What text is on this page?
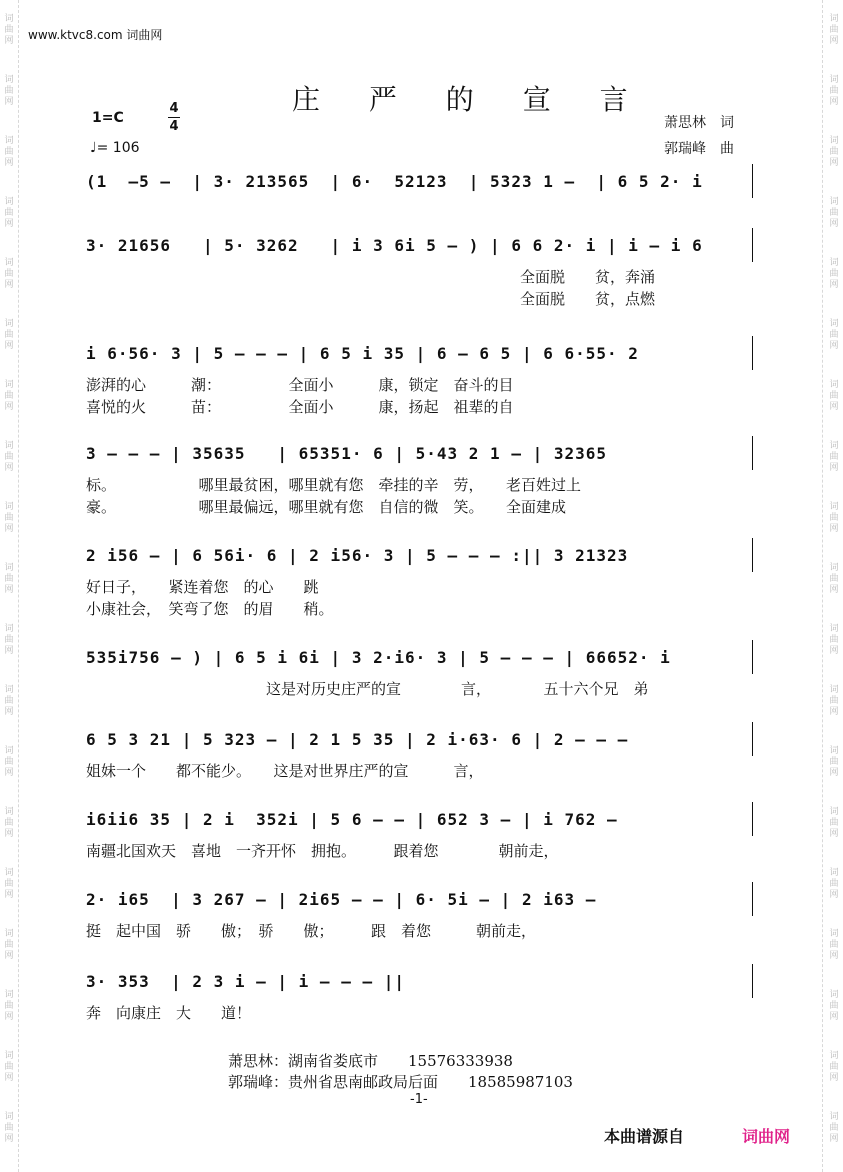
词
曲
网
词
曲
网
词
曲
网
词
曲
网
词
曲
网
词
曲
网
词
曲
网
词
曲
网
词
曲
网
词
曲
网
词
曲
网
词
曲
网
词
曲
网
词
曲
网
词
曲
网
词
曲
网
词
曲
网
词
曲
网
词
曲
网
词
曲
网
词
曲
网
词
曲
网
词
曲
网
词
曲
网
词
曲
网
词
曲
网
词
曲
网
词
曲
网
词
曲
网
词
曲
网
词
曲
网
词
曲
网
词
曲
网
词
曲
网
词
曲
网
词
曲
网
词
曲
网
词
曲
网
www.ktvc8.com 词曲网
庄 严 的 宣 言
1=C
4
4
♩= 106
萧思林　词
郭瑞峰　曲
(1  —5 —  | 3· 213565  | 6·  52123  | 5323 1 —  | 6 5 2· i
3· 21656   | 5· 3262   | i 3 6i 5 — ) | 6 6 2· i | i — i 6
全面脱　　贫，奔涌
全面脱　　贫，点燃
i 6·56· 3 | 5 — — — | 6 5 i 35 | 6 — 6 5 | 6 6·55· 2
澎湃的心　　　潮：　　　　　全面小　　　康，锁定　奋斗的目
喜悦的火　　　苗：　　　　　全面小　　　康，扬起　祖辈的自
3 — — — | 35635   | 65351· 6 | 5·43 2 1 — | 32365
标。　　　　　　哪里最贫困，哪里就有您　牵挂的辛　劳，　　老百姓过上
豪。　　　　　　哪里最偏远，哪里就有您　自信的微　笑。　　全面建成
2 i56 — | 6 56i· 6 | 2 i56· 3 | 5 — — — :|| 3 21323
好日子，　　紧连着您　的心　　跳
小康社会，　笑弯了您　的眉　　稍。
535i756 — ) | 6 5 i 6i | 3 2·i6· 3 | 5 — — — | 66652· i
　　　　　　　　　　　　这是对历史庄严的宣　　　　言，　　　　五十六个兄　弟
6 5 3 21 | 5 323 — | 2 1 5 35 | 2 i·63· 6 | 2 — — —
姐妹一个　　都不能少。　　这是对世界庄严的宣　　　言，
i6ii6 35 | 2 i  352i | 5 6 — — | 652 3 — | i 762 —
南疆北国欢天　喜地　一齐开怀　拥抱。　　　跟着您　　　　朝前走，
2· i65  | 3 267 — | 2i65 — — | 6· 5i — | 2 i63 —
挺　起中国　骄　　傲；　骄　　傲；　　　跟　着您　　　朝前走，
3· 353  | 2 3 i — | i — — — ||
奔　向康庄　大　　道！
萧思林：湖南省娄底市　　15576333938
郭瑞峰：贵州省思南邮政局后面　　18585987103
-1-
本曲谱源自	词曲网
